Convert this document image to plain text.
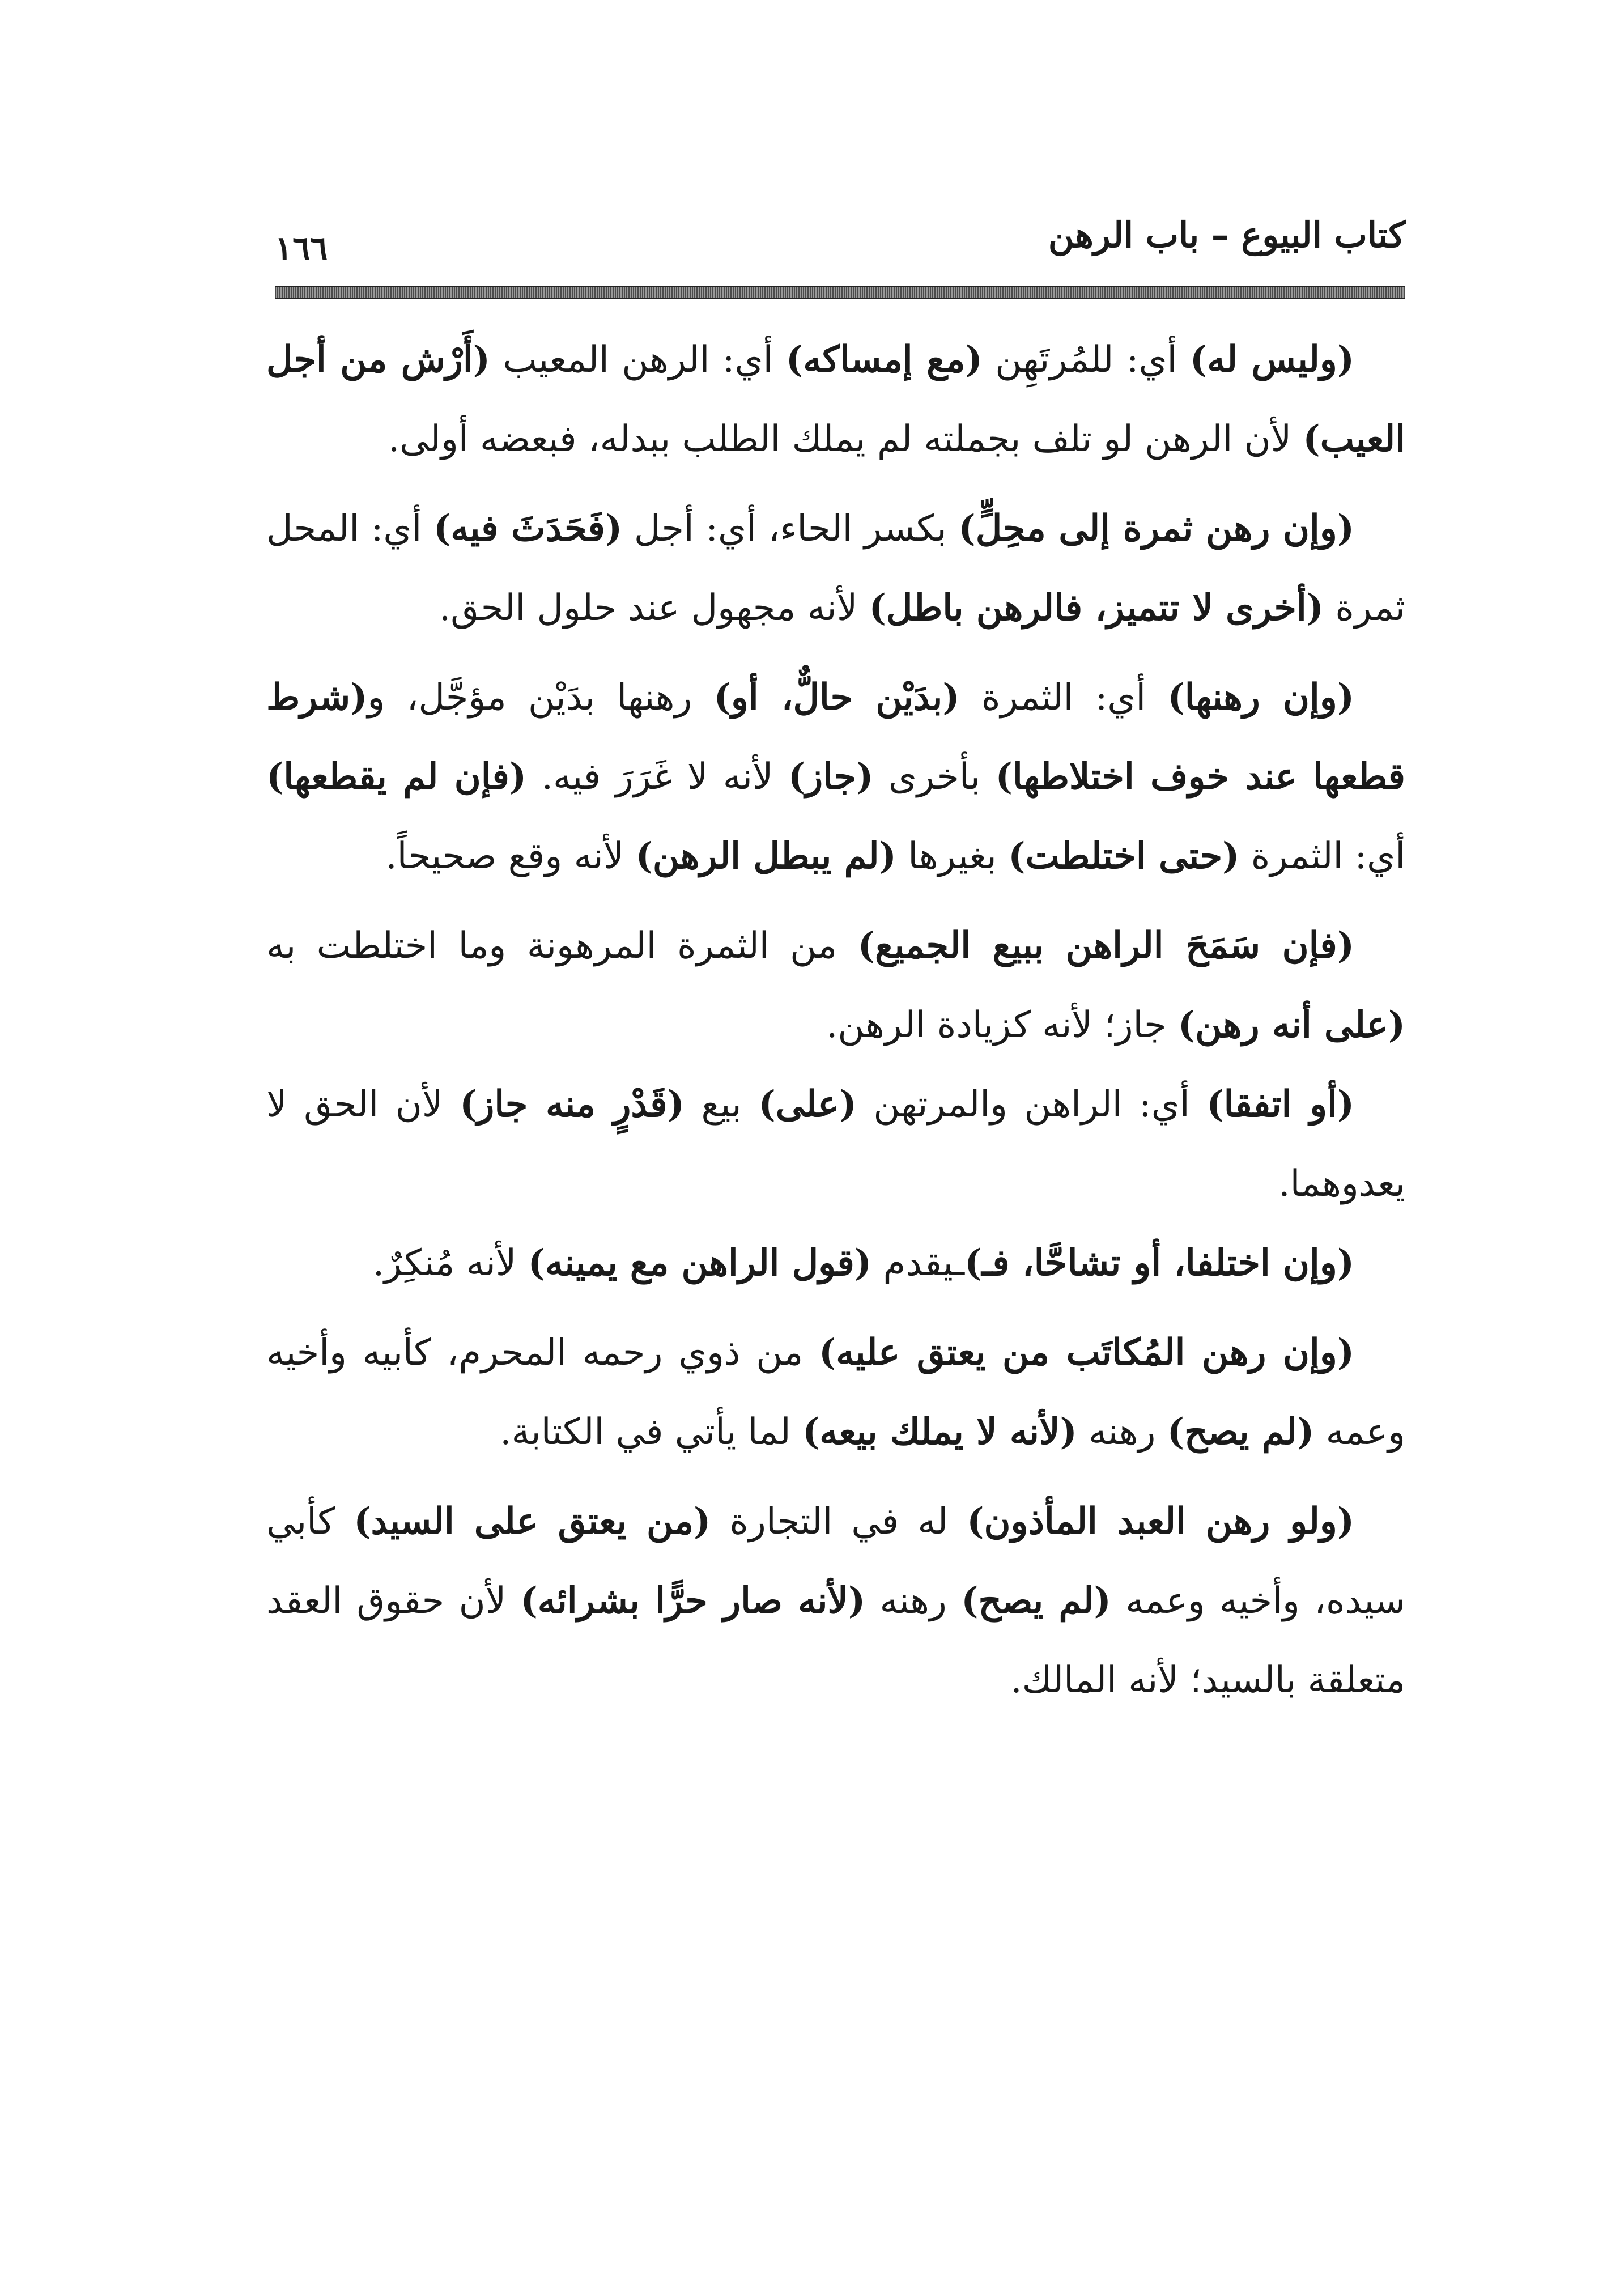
كتاب البيوع – باب الرهن
١٦٦

(وليس له) أي: للمُرتَهِن (مع إمساكه) أي: الرهن المعيب (أَرْش من أجل العيب) لأن الرهن لو تلف بجملته لم يملك الطلب ببدله، فبعضه أولى.

(وإن رهن ثمرة إلى محِلٍّ) بكسر الحاء، أي: أجل (فَحَدَثَ فيه) أي: المحل ثمرة (أخرى لا تتميز، فالرهن باطل) لأنه مجهول عند حلول الحق.

(وإن رهنها) أي: الثمرة (بدَيْن حالٌّ، أو) رهنها بدَيْن مؤجَّل، و(شرط قطعها عند خوف اختلاطها) بأخرى (جاز) لأنه لا غَرَرَ فيه. (فإن لم يقطعها) أي: الثمرة (حتى اختلطت) بغيرها (لم يبطل الرهن) لأنه وقع صحيحاً.

(فإن سَمَحَ الراهن ببيع الجميع) من الثمرة المرهونة وما اختلطت به (على أنه رهن) جاز؛ لأنه كزيادة الرهن.

(أو اتفقا) أي: الراهن والمرتهن (على) بيع (قَدْرٍ منه جاز) لأن الحق لا يعدوهما.

(وإن اختلفا، أو تشاحَّا، فـ)ـيقدم (قول الراهن مع يمينه) لأنه مُنكِرٌ.

(وإن رهن المُكاتَب من يعتق عليه) من ذوي رحمه المحرم، كأبيه وأخيه وعمه (لم يصح) رهنه (لأنه لا يملك بيعه) لما يأتي في الكتابة.

(ولو رهن العبد المأذون) له في التجارة (من يعتق على السيد) كأبي سيده، وأخيه وعمه (لم يصح) رهنه (لأنه صار حرًّا بشرائه) لأن حقوق العقد متعلقة بالسيد؛ لأنه المالك.
